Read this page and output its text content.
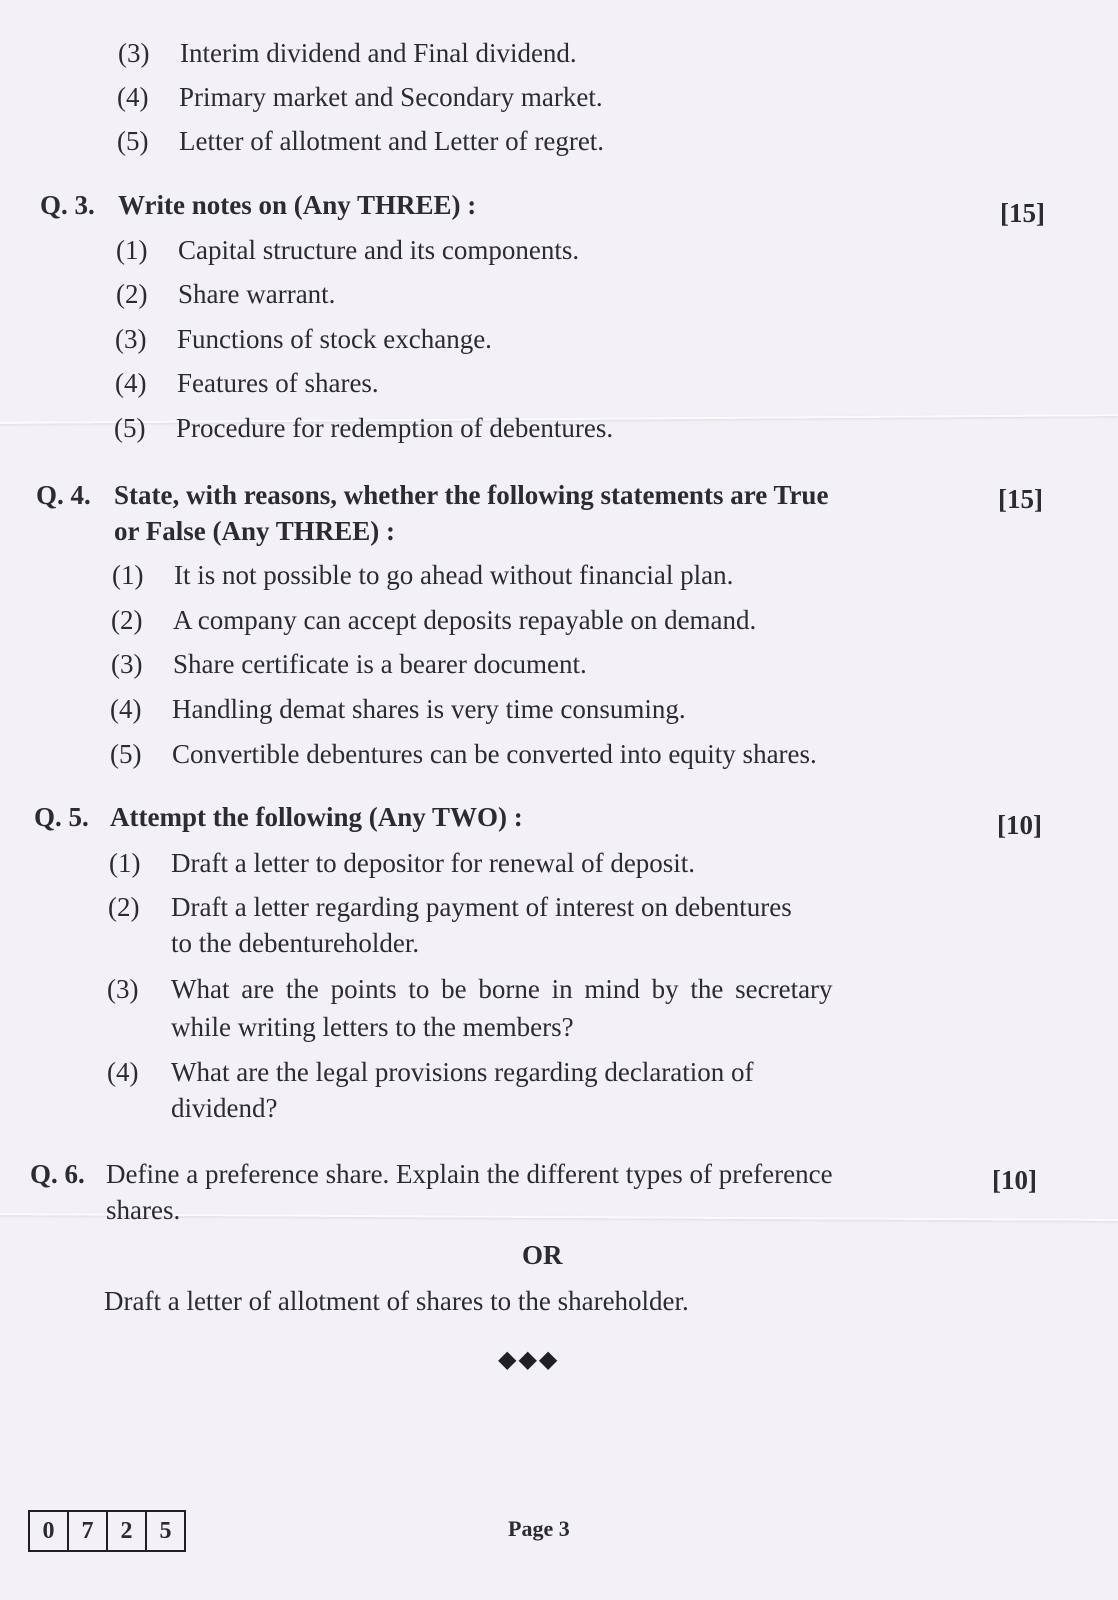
(3) Interim dividend and Final dividend.
(4) Primary market and Secondary market.
(5) Letter of allotment and Letter of regret.
Q. 3. Write notes on (Any THREE) :	[15]
(1) Capital structure and its components.
(2) Share warrant.
(3) Functions of stock exchange.
(4) Features of shares.
(5) Procedure for redemption of debentures.
Q. 4. State, with reasons, whether the following statements are True
or False (Any THREE) :
[15]
(1) It is not possible to go ahead without financial plan.
(2) A company can accept deposits repayable on demand.
(3) Share certificate is a bearer document.
(4) Handling demat shares is very time consuming.
(5) Convertible debentures can be converted into equity shares.
Q. 5. Attempt the following (Any TWO) :	[10]
(1) Draft a letter to depositor for renewal of deposit.
(2) Draft a letter regarding payment of interest on debentures
to the debentureholder.
(3) What are the points to be borne in mind by the secretary
while writing letters to the members?
(4) What are the legal provisions regarding declaration of
dividend?
Q. 6. Define a preference share. Explain the different types of preference
shares.
[10]
OR
Draft a letter of allotment of shares to the shareholder.
◆◆◆
0	7	2	5	Page 3
